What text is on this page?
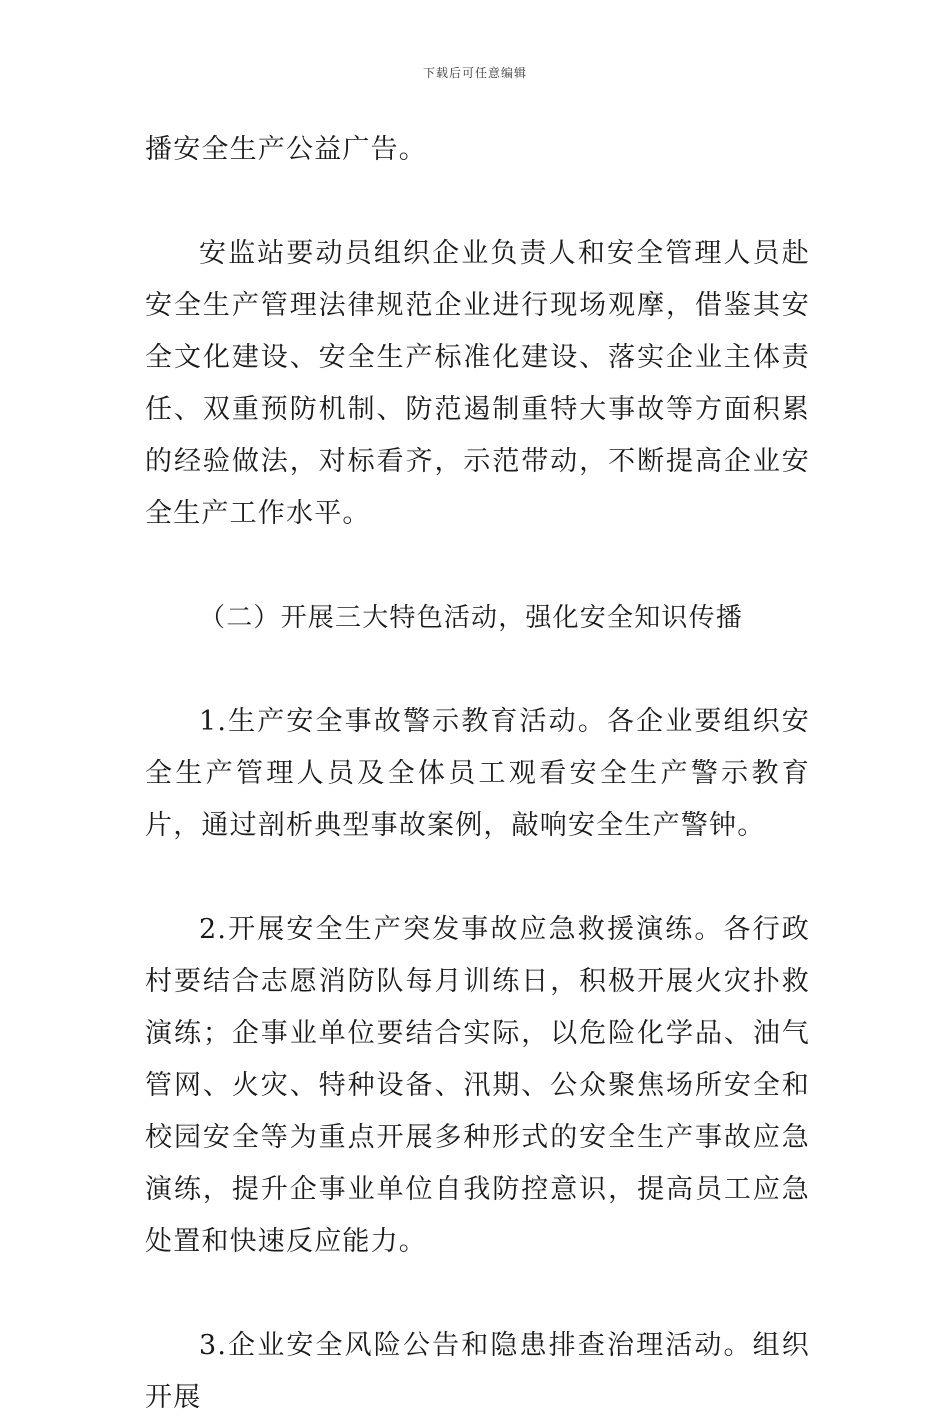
下载后可任意编辑

播安全生产公益广告。

安监站要动员组织企业负责人和安全管理人员赴安全生产管理法律规范企业进行现场观摩，借鉴其安全文化建设、安全生产标准化建设、落实企业主体责任、双重预防机制、防范遏制重特大事故等方面积累的经验做法，对标看齐，示范带动，不断提高企业安全生产工作水平。

（二）开展三大特色活动，强化安全知识传播

1.生产安全事故警示教育活动。各企业要组织安全生产管理人员及全体员工观看安全生产警示教育片，通过剖析典型事故案例，敲响安全生产警钟。

2.开展安全生产突发事故应急救援演练。各行政村要结合志愿消防队每月训练日，积极开展火灾扑救演练；企事业单位要结合实际，以危险化学品、油气管网、火灾、特种设备、汛期、公众聚焦场所安全和校园安全等为重点开展多种形式的安全生产事故应急演练，提升企事业单位自我防控意识，提高员工应急处置和快速反应能力。

3.企业安全风险公告和隐患排查治理活动。组织开展
